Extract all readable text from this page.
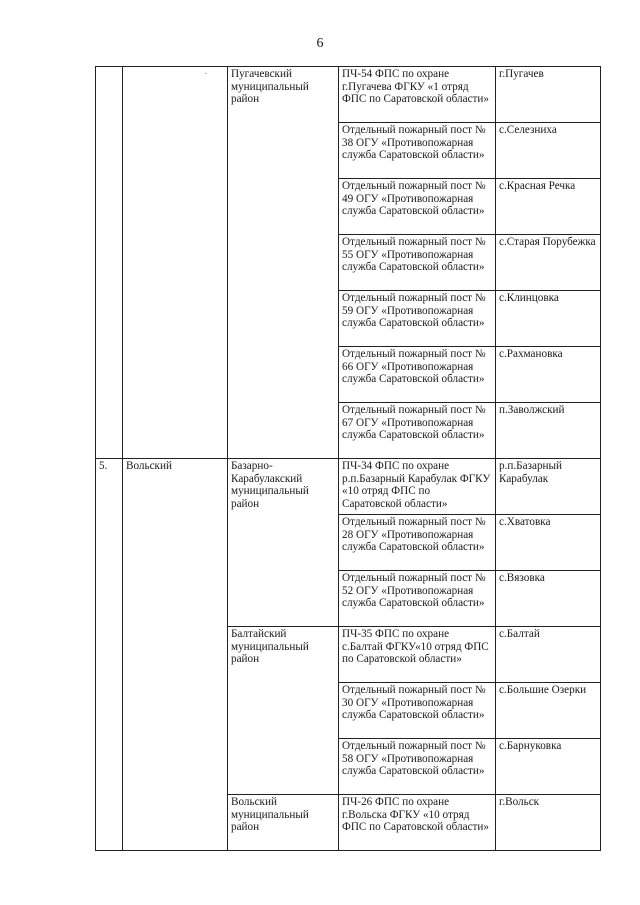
6
	·	Пугачевский муниципальный район	ПЧ-54 ФПС по охране г.Пугачева ФГКУ «1 отряд ФПС по Саратовской области»	г.Пугачев
			Отдельный пожарный пост № 38 ОГУ «Противопожарная служба Саратовской области»	с.Селезниха
			Отдельный пожарный пост № 49 ОГУ «Противопожарная служба Саратовской области»	с.Красная Речка
			Отдельный пожарный пост № 55 ОГУ «Противопожарная служба Саратовской области»	с.Старая Порубежка
			Отдельный пожарный пост № 59 ОГУ «Противопожарная служба Саратовской области»	с.Клинцовка
			Отдельный пожарный пост № 66 ОГУ «Противопожарная служба Саратовской области»	с.Рахмановка
			Отдельный пожарный пост № 67 ОГУ «Противопожарная служба Саратовской области»	п.Заволжский
5.	Вольский	Базарно-Карабулакский муниципальный район	ПЧ-34 ФПС по охране р.п.Базарный Карабулак ФГКУ «10 отряд ФПС по Саратовской области»	р.п.Базарный Карабулак
			Отдельный пожарный пост № 28 ОГУ «Противопожарная служба Саратовской области»	с.Хватовка
			Отдельный пожарный пост № 52 ОГУ «Противопожарная служба Саратовской области»	с.Вязовка
		Балтайский муниципальный район	ПЧ-35 ФПС по охране с.Балтай ФГКУ«10 отряд ФПС по Саратовской области»	с.Балтай
			Отдельный пожарный пост № 30 ОГУ «Противопожарная служба Саратовской области»	с.Большие Озерки
			Отдельный пожарный пост № 58 ОГУ «Противопожарная служба Саратовской области»	с.Барнуковка
		Вольский муниципальный район	ПЧ-26 ФПС по охране г.Вольска ФГКУ «10 отряд ФПС по Саратовской области»	г.Вольск
